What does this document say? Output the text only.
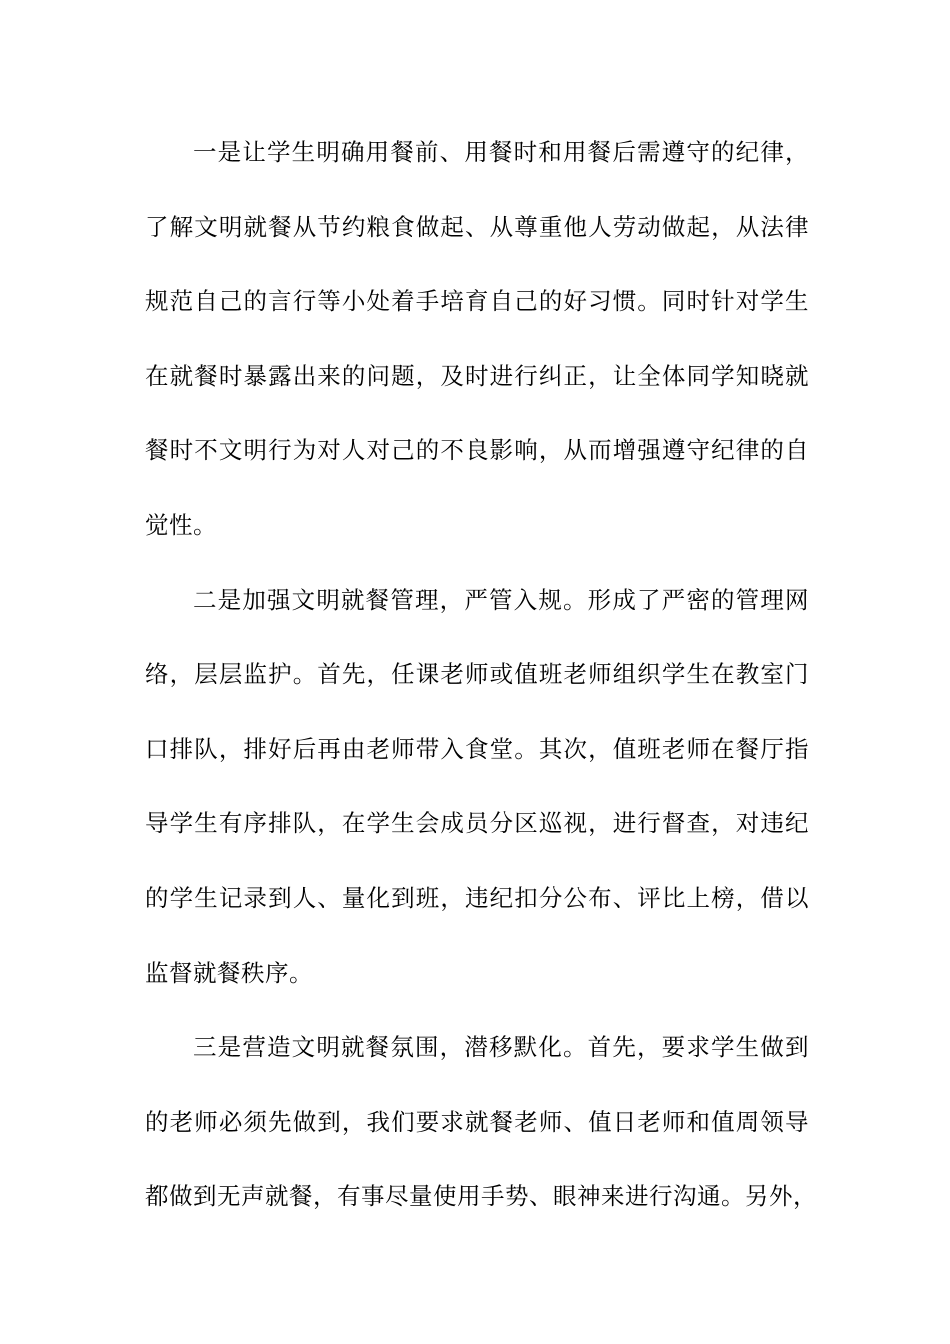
一是让学生明确用餐前、用餐时和用餐后需遵守的纪律，
了解文明就餐从节约粮食做起、从尊重他人劳动做起，从法律
规范自己的言行等小处着手培育自己的好习惯。同时针对学生
在就餐时暴露出来的问题，及时进行纠正，让全体同学知晓就
餐时不文明行为对人对己的不良影响，从而增强遵守纪律的自
觉性。
二是加强文明就餐管理，严管入规。形成了严密的管理网
络，层层监护。首先，任课老师或值班老师组织学生在教室门
口排队，排好后再由老师带入食堂。其次，值班老师在餐厅指
导学生有序排队，在学生会成员分区巡视，进行督查，对违纪
的学生记录到人、量化到班，违纪扣分公布、评比上榜，借以
监督就餐秩序。
三是营造文明就餐氛围，潜移默化。首先，要求学生做到
的老师必须先做到，我们要求就餐老师、值日老师和值周领导
都做到无声就餐，有事尽量使用手势、眼神来进行沟通。另外，
